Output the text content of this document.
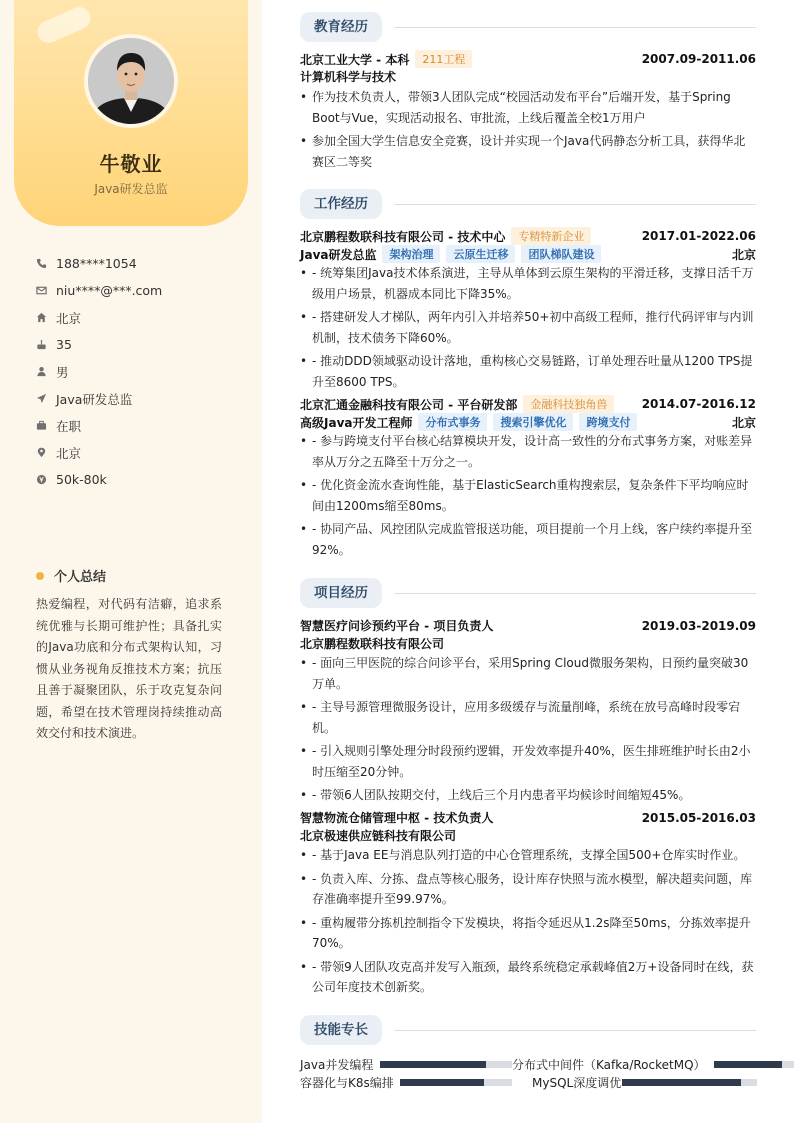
牛敬业
Java研发总监
188****1054
niu****@***.com
北京
35
男
Java研发总监
在职
北京
50k-80k
个人总结
热爱编程，对代码有洁癖，追求系统优雅与长期可维护性；具备扎实的Java功底和分布式架构认知，习惯从业务视角反推技术方案；抗压且善于凝聚团队，乐于攻克复杂问题，希望在技术管理岗持续推动高效交付和技术演进。
教育经历
北京工业大学 - 本科	211工程	2007.09-2011.06
计算机科学与技术
• 作为技术负责人，带领3人团队完成“校园活动发布平台”后端开发，基于Spring Boot与Vue，实现活动报名、审批流，上线后覆盖全校1万用户
• 参加全国大学生信息安全竞赛，设计并实现一个Java代码静态分析工具，获得华北赛区二等奖
工作经历
北京鹏程数联科技有限公司 - 技术中心	专精特新企业	2017.01-2022.06
Java研发总监	架构治理	云原生迁移	团队梯队建设	北京
• - 统筹集团Java技术体系演进，主导从单体到云原生架构的平滑迁移，支撑日活千万级用户场景，机器成本同比下降35%。
• - 搭建研发人才梯队，两年内引入并培养50+初中高级工程师，推行代码评审与内训机制，技术债务下降60%。
• - 推动DDD领域驱动设计落地，重构核心交易链路，订单处理吞吐量从1200 TPS提升至8600 TPS。
北京汇通金融科技有限公司 - 平台研发部	金融科技独角兽	2014.07-2016.12
高级Java开发工程师	分布式事务	搜索引擎优化	跨境支付	北京
• - 参与跨境支付平台核心结算模块开发，设计高一致性的分布式事务方案，对账差异率从万分之五降至十万分之一。
• - 优化资金流水查询性能，基于ElasticSearch重构搜索层，复杂条件下平均响应时间由1200ms缩至80ms。
• - 协同产品、风控团队完成监管报送功能，项目提前一个月上线，客户续约率提升至92%。
项目经历
智慧医疗问诊预约平台 - 项目负责人	2019.03-2019.09
北京鹏程数联科技有限公司
• - 面向三甲医院的综合问诊平台，采用Spring Cloud微服务架构，日预约量突破30万单。
• - 主导号源管理微服务设计，应用多级缓存与流量削峰，系统在放号高峰时段零宕机。
• - 引入规则引擎处理分时段预约逻辑，开发效率提升40%，医生排班维护时长由2小时压缩至20分钟。
• - 带领6人团队按期交付，上线后三个月内患者平均候诊时间缩短45%。
智慧物流仓储管理中枢 - 技术负责人	2015.05-2016.03
北京极速供应链科技有限公司
• - 基于Java EE与消息队列打造的中心仓管理系统，支撑全国500+仓库实时作业。
• - 负责入库、分拣、盘点等核心服务，设计库存快照与流水模型，解决超卖问题，库存准确率提升至99.97%。
• - 重构履带分拣机控制指令下发模块，将指令延迟从1.2s降至50ms，分拣效率提升70%。
• - 带领9人团队攻克高并发写入瓶颈，最终系统稳定承载峰值2万+设备同时在线，获公司年度技术创新奖。
技能专长
Java并发编程	分布式中间件（Kafka/RocketMQ）
容器化与K8s编排	MySQL深度调优
